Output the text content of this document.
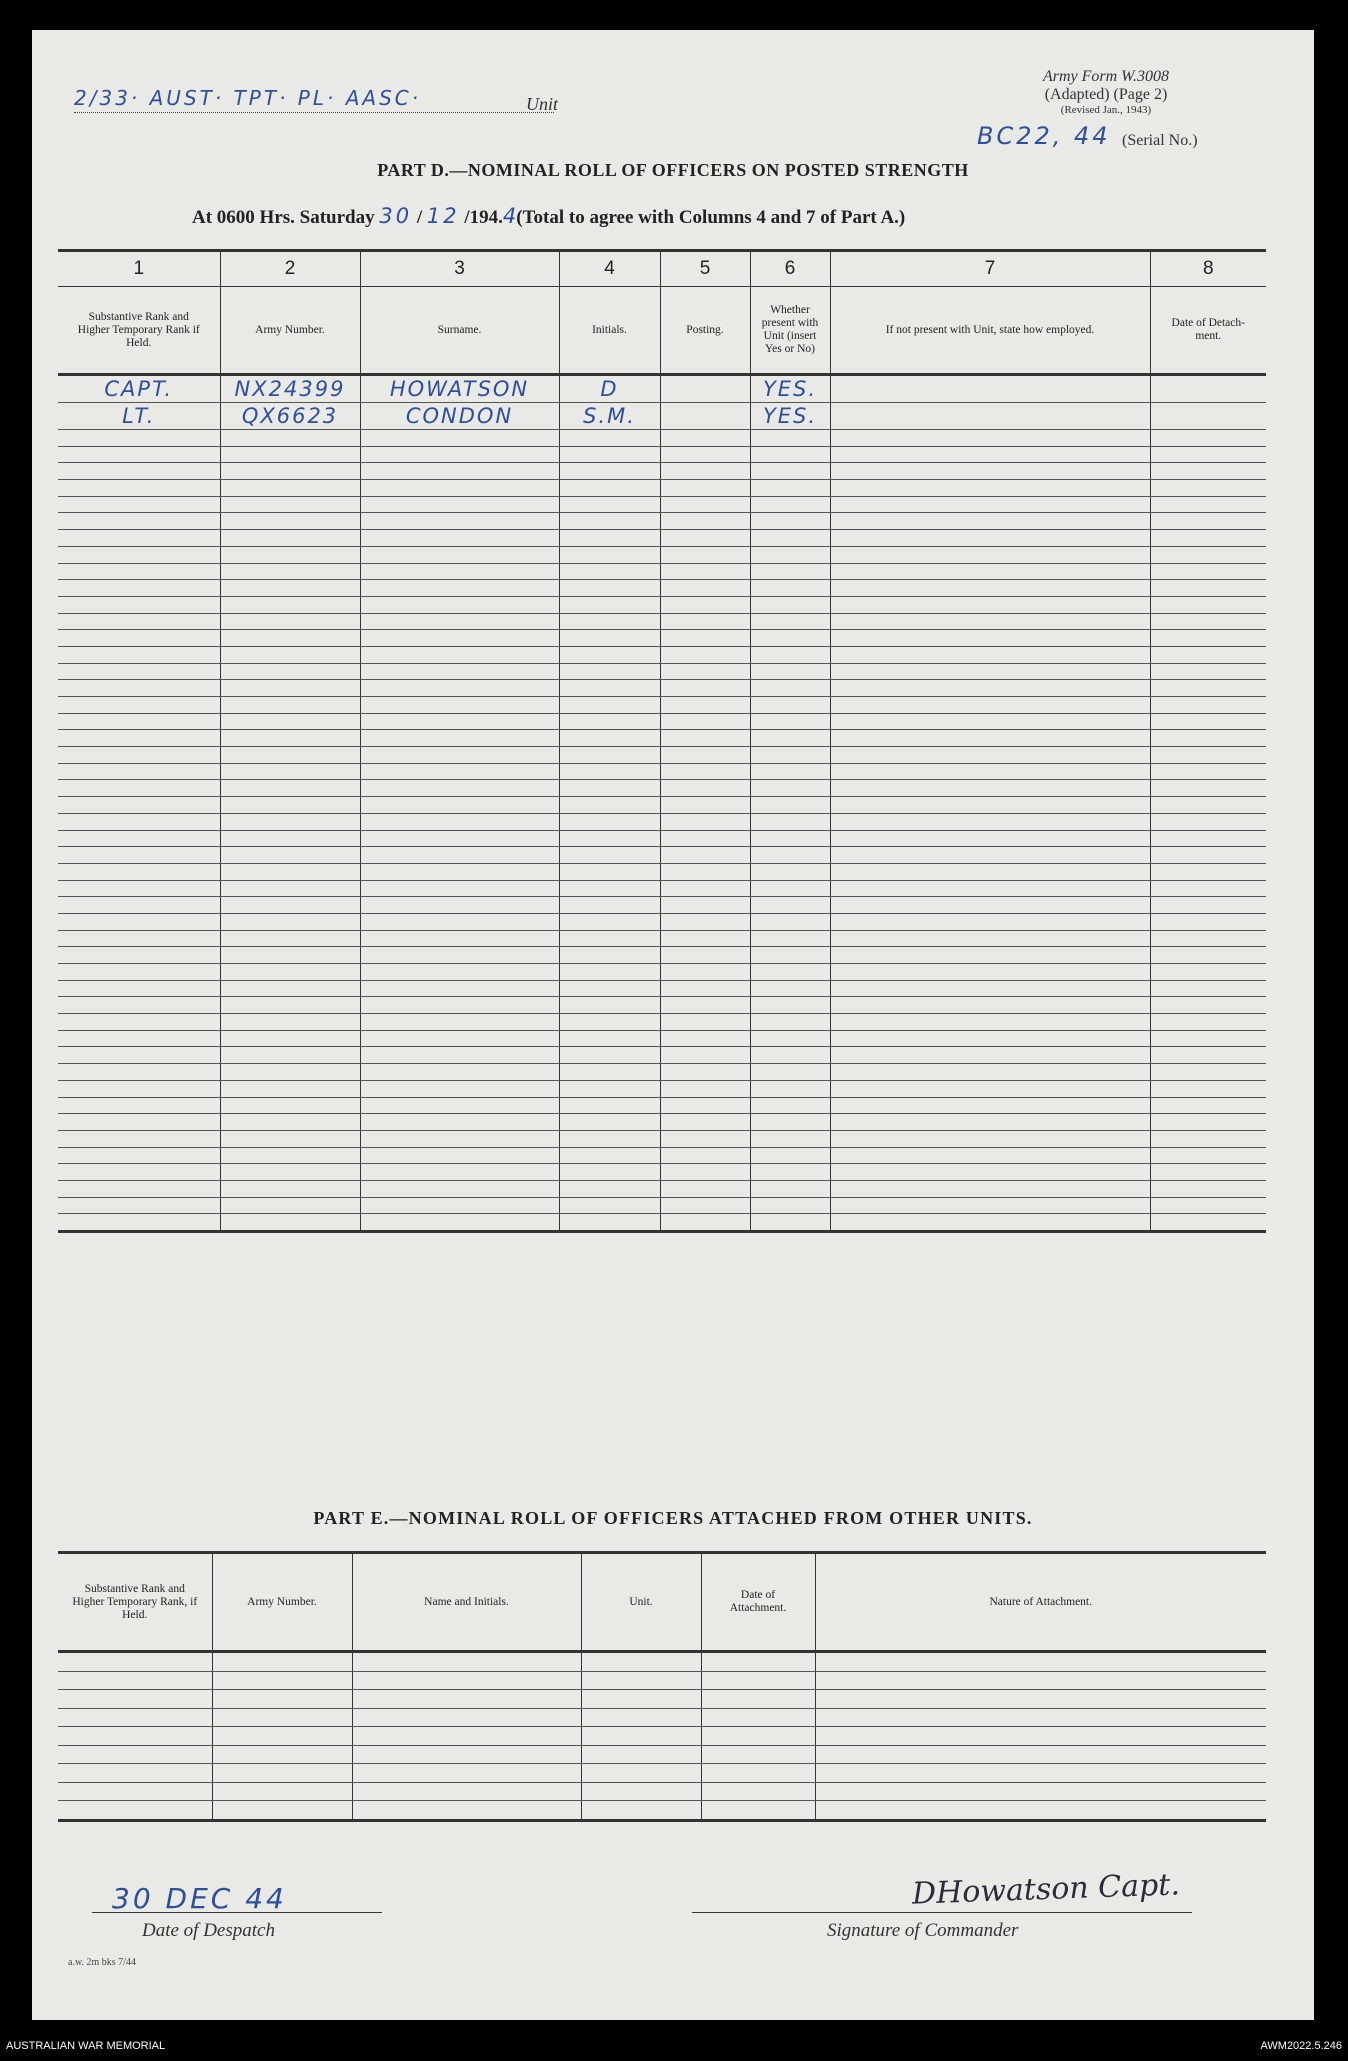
2/33· AUST· TPT· PL· AASC·	Unit
Army Form W.3008
(Adapted) (Page 2)
(Revised Jan., 1943)
BC22, 44 (Serial No.)
PART D.—NOMINAL ROLL OF OFFICERS ON POSTED STRENGTH
At 0600 Hrs. Saturday 30 / 12 /194.4(Total to agree with Columns 4 and 7 of Part A.)
1	2	3	4	5	6	7	8
Substantive Rank and Higher Temporary Rank if Held.	Army Number.	Surname.	Initials.	Posting.	Whether present with Unit (insert Yes or No)	If not present with Unit, state how employed.	Date of Detach-ment.
CAPT.	NX24399	HOWATSON	D		YES.		
LT.	QX6623	CONDON	S.M.		YES.		

PART E.—NOMINAL ROLL OF OFFICERS ATTACHED FROM OTHER UNITS.
Substantive Rank and Higher Temporary Rank, if Held.	Army Number.	Name and Initials.	Unit.	Date of Attachment.	Nature of Attachment.

30 DEC 44
Date of Despatch
DHowatson Capt.
Signature of Commander
a.w. 2m bks 7/44
AUSTRALIAN WAR MEMORIAL	AWM2022.5.246
